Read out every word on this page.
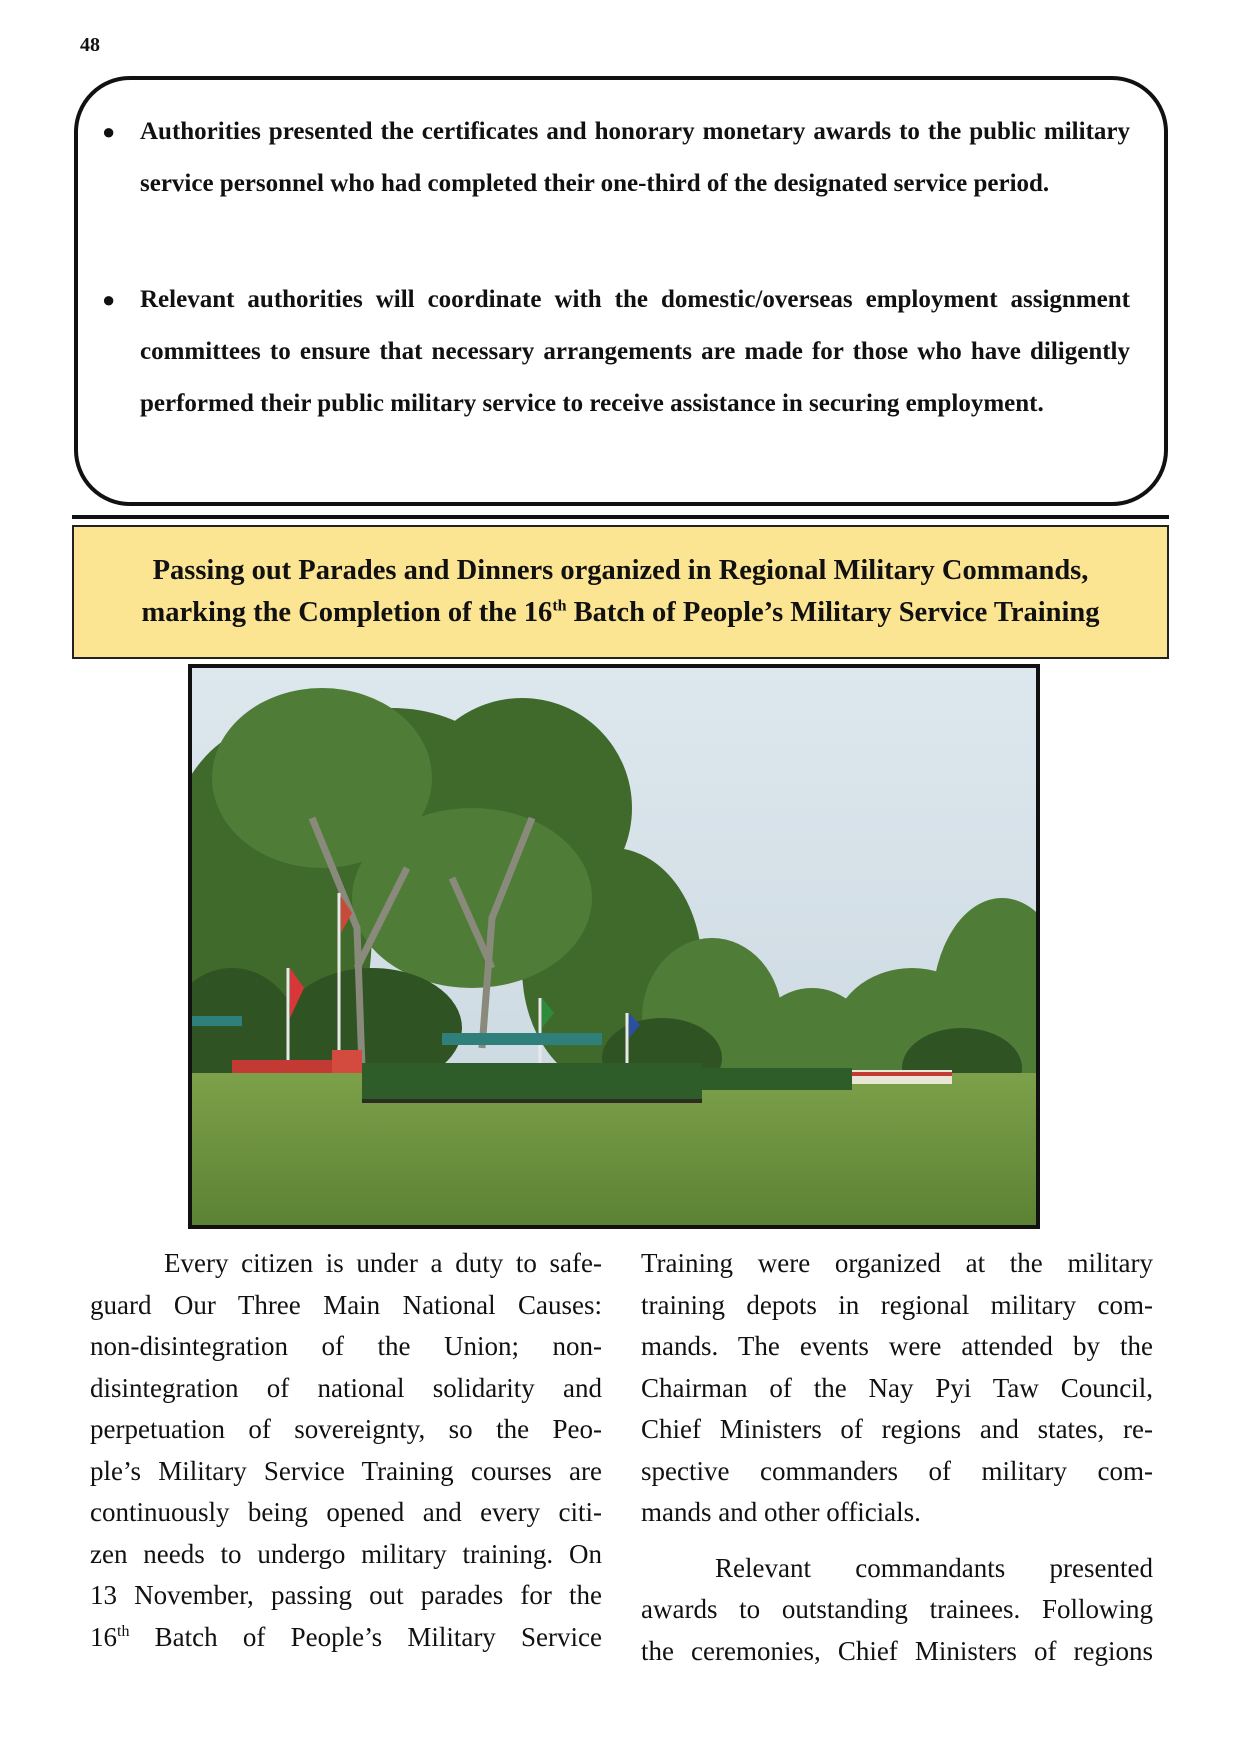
48
● Authorities presented the certificates and honorary monetary awards to the public military service personnel who had completed their one-third of the designated service period.
● Relevant authorities will coordinate with the domestic/overseas employment assignment committees to ensure that necessary arrangements are made for those who have diligently performed their public military service to receive assistance in securing employment.
Passing out Parades and Dinners organized in Regional Military Commands,
marking the Completion of the 16th Batch of People’s Military Service Training
Every citizen is under a duty to safe-
guard Our Three Main National Causes:
non-disintegration of the Union; non-
disintegration of national solidarity and
perpetuation of sovereignty, so the Peo-
ple’s Military Service Training courses are
continuously being opened and every citi-
zen needs to undergo military training. On
13 November, passing out parades for the
16th Batch of People’s Military Service
Training were organized at the military
training depots in regional military com-
mands. The events were attended by the
Chairman of the Nay Pyi Taw Council,
Chief Ministers of regions and states, re-
spective commanders of military com-
mands and other officials.
Relevant commandants presented
awards to outstanding trainees. Following
the ceremonies, Chief Ministers of regions
